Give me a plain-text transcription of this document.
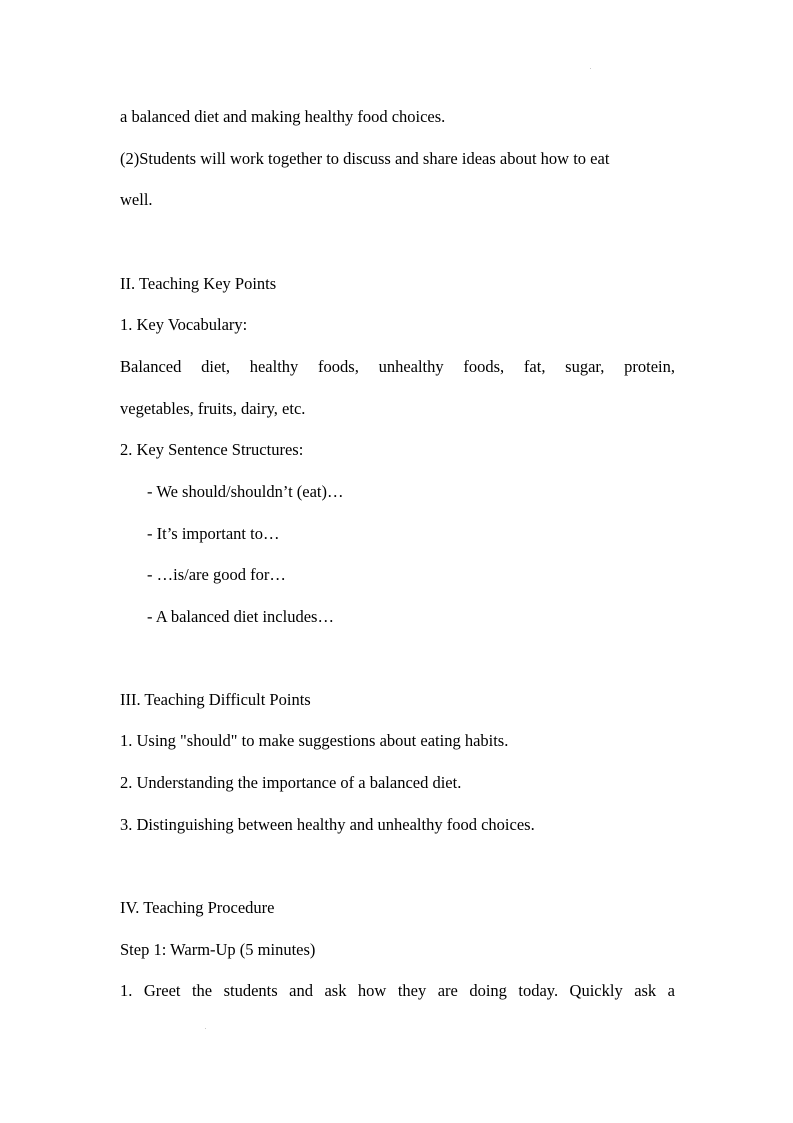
a balanced diet and making healthy food choices.
(2)Students will work together to discuss and share ideas about how to eat
well.
II. Teaching Key Points
1. Key Vocabulary:
Balanced diet, healthy foods, unhealthy foods, fat, sugar, protein,
vegetables, fruits, dairy, etc.
2. Key Sentence Structures:
- We should/shouldn’t (eat)…
- It’s important to…
- …is/are good for…
- A balanced diet includes…
III. Teaching Difficult Points
1. Using "should" to make suggestions about eating habits.
2. Understanding the importance of a balanced diet.
3. Distinguishing between healthy and unhealthy food choices.
IV. Teaching Procedure
Step 1: Warm-Up (5 minutes)
1. Greet the students and ask how they are doing today. Quickly ask a
